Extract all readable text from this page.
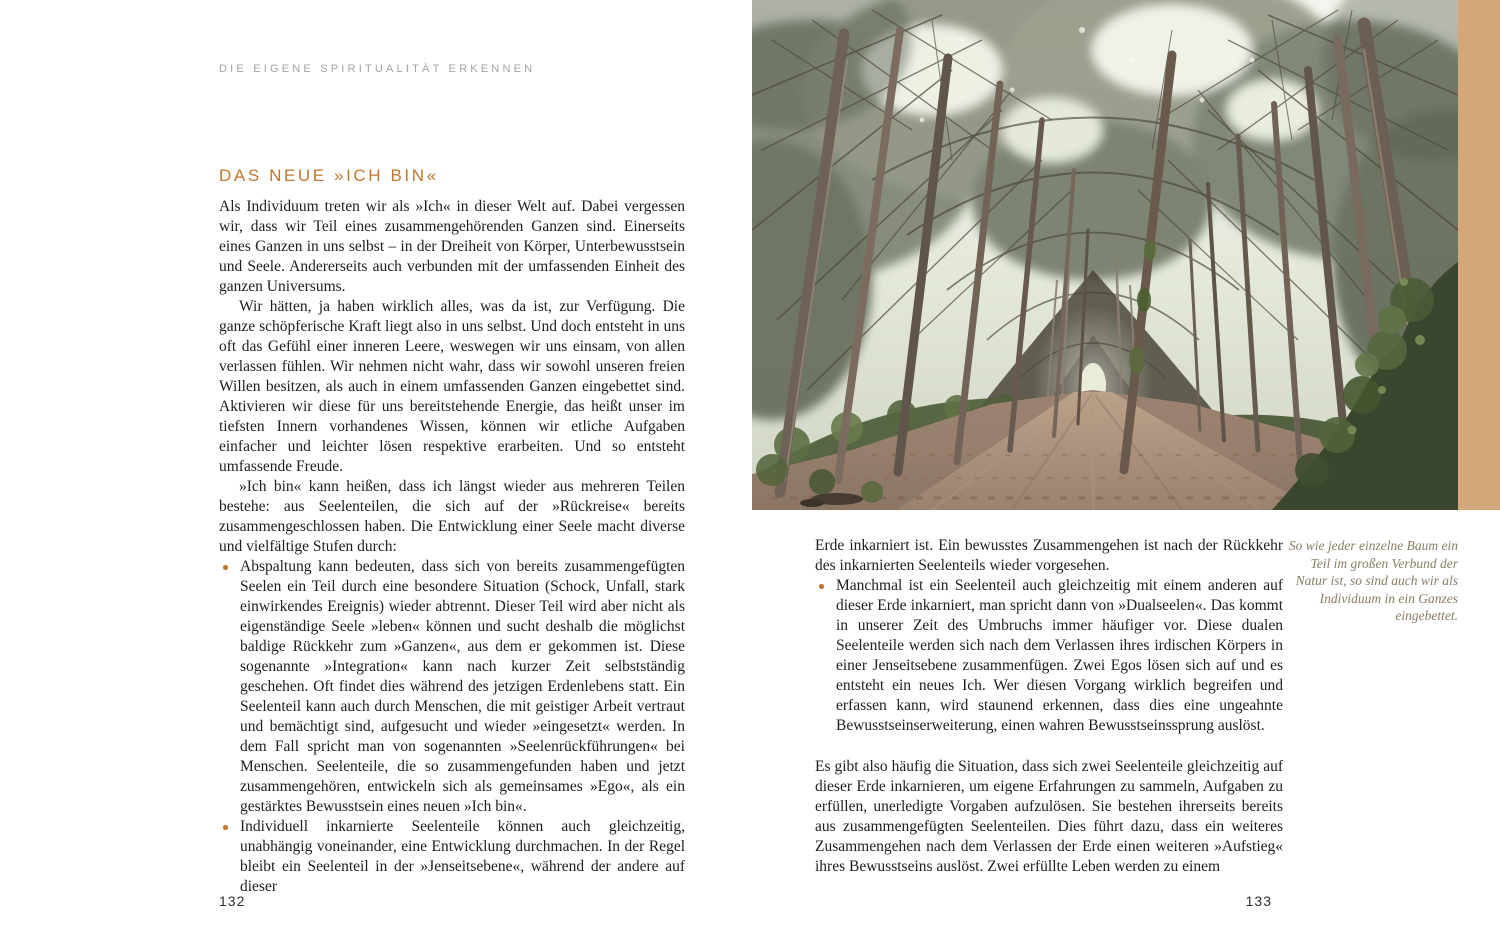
DIE EIGENE SPIRITUALITÄT ERKENNEN
DAS NEUE »ICH BIN«

Als Individuum treten wir als »Ich« in dieser Welt auf. Dabei vergessen wir, dass wir Teil eines zusammengehörenden Ganzen sind. Einerseits eines Ganzen in uns selbst – in der Dreiheit von Körper, Unterbewusstsein und Seele. Andererseits auch verbunden mit der umfassenden Einheit des ganzen Universums.

Wir hätten, ja haben wirklich alles, was da ist, zur Verfügung. Die ganze schöpferische Kraft liegt also in uns selbst. Und doch entsteht in uns oft das Gefühl einer inneren Leere, weswegen wir uns einsam, von allen verlassen fühlen. Wir nehmen nicht wahr, dass wir sowohl unseren freien Willen besitzen, als auch in einem umfassenden Ganzen eingebettet sind. Aktivieren wir diese für uns bereitstehende Energie, das heißt unser im tiefsten Innern vorhandenes Wissen, können wir etliche Aufgaben einfacher und leichter lösen respektive erarbeiten. Und so entsteht umfassende Freude.

»Ich bin« kann heißen, dass ich längst wieder aus mehreren Teilen bestehe: aus Seelenteilen, die sich auf der »Rückreise« bereits zusammengeschlossen haben. Die Entwicklung einer Seele macht diverse und vielfältige Stufen durch:

Abspaltung kann bedeuten, dass sich von bereits zusammengefügten Seelen ein Teil durch eine besondere Situation (Schock, Unfall, stark einwirkendes Ereignis) wieder abtrennt. Dieser Teil wird aber nicht als eigenständige Seele »leben« können und sucht deshalb die möglichst baldige Rückkehr zum »Ganzen«, aus dem er gekommen ist. Diese sogenannte »Integration« kann nach kurzer Zeit selbstständig geschehen. Oft findet dies während des jetzigen Erdenlebens statt. Ein Seelenteil kann auch durch Menschen, die mit geistiger Arbeit vertraut und bemächtigt sind, aufgesucht und wieder »eingesetzt« werden. In dem Fall spricht man von sogenannten »Seelenrückführungen« bei Menschen. Seelenteile, die so zusammengefunden haben und jetzt zusammengehören, entwickeln sich als gemeinsames »Ego«, als ein gestärktes Bewusstsein eines neuen »Ich bin«.
Individuell inkarnierte Seelenteile können auch gleichzeitig, unabhängig voneinander, eine Entwicklung durchmachen. In der Regel bleibt ein Seelenteil in der »Jenseitsebene«, während der andere auf dieser
132
So wie jeder einzelne Baum ein Teil im großen Verbund der Natur ist, so sind auch wir als Individuum in ein Ganzes eingebettet.

Erde inkarniert ist. Ein bewusstes Zusammengehen ist nach der Rückkehr des inkarnierten Seelenteils wieder vorgesehen.

Manchmal ist ein Seelenteil auch gleichzeitig mit einem anderen auf dieser Erde inkarniert, man spricht dann von »Dualseelen«. Das kommt in unserer Zeit des Umbruchs immer häufiger vor. Diese dualen Seelenteile werden sich nach dem Verlassen ihres irdischen Körpers in einer Jenseitsebene zusammenfügen. Zwei Egos lösen sich auf und es entsteht ein neues Ich. Wer diesen Vorgang wirklich begreifen und erfassen kann, wird staunend erkennen, dass dies eine ungeahnte Bewusstseinserweiterung, einen wahren Bewusstseinssprung auslöst.

Es gibt also häufig die Situation, dass sich zwei Seelenteile gleichzeitig auf dieser Erde inkarnieren, um eigene Erfahrungen zu sammeln, Aufgaben zu erfüllen, unerledigte Vorgaben aufzulösen. Sie bestehen ihrerseits bereits aus zusammengefügten Seelenteilen. Dies führt dazu, dass ein weiteres Zusammengehen nach dem Verlassen der Erde einen weiteren »Aufstieg« ihres Bewusstseins auslöst. Zwei erfüllte Leben werden zu einem

133
